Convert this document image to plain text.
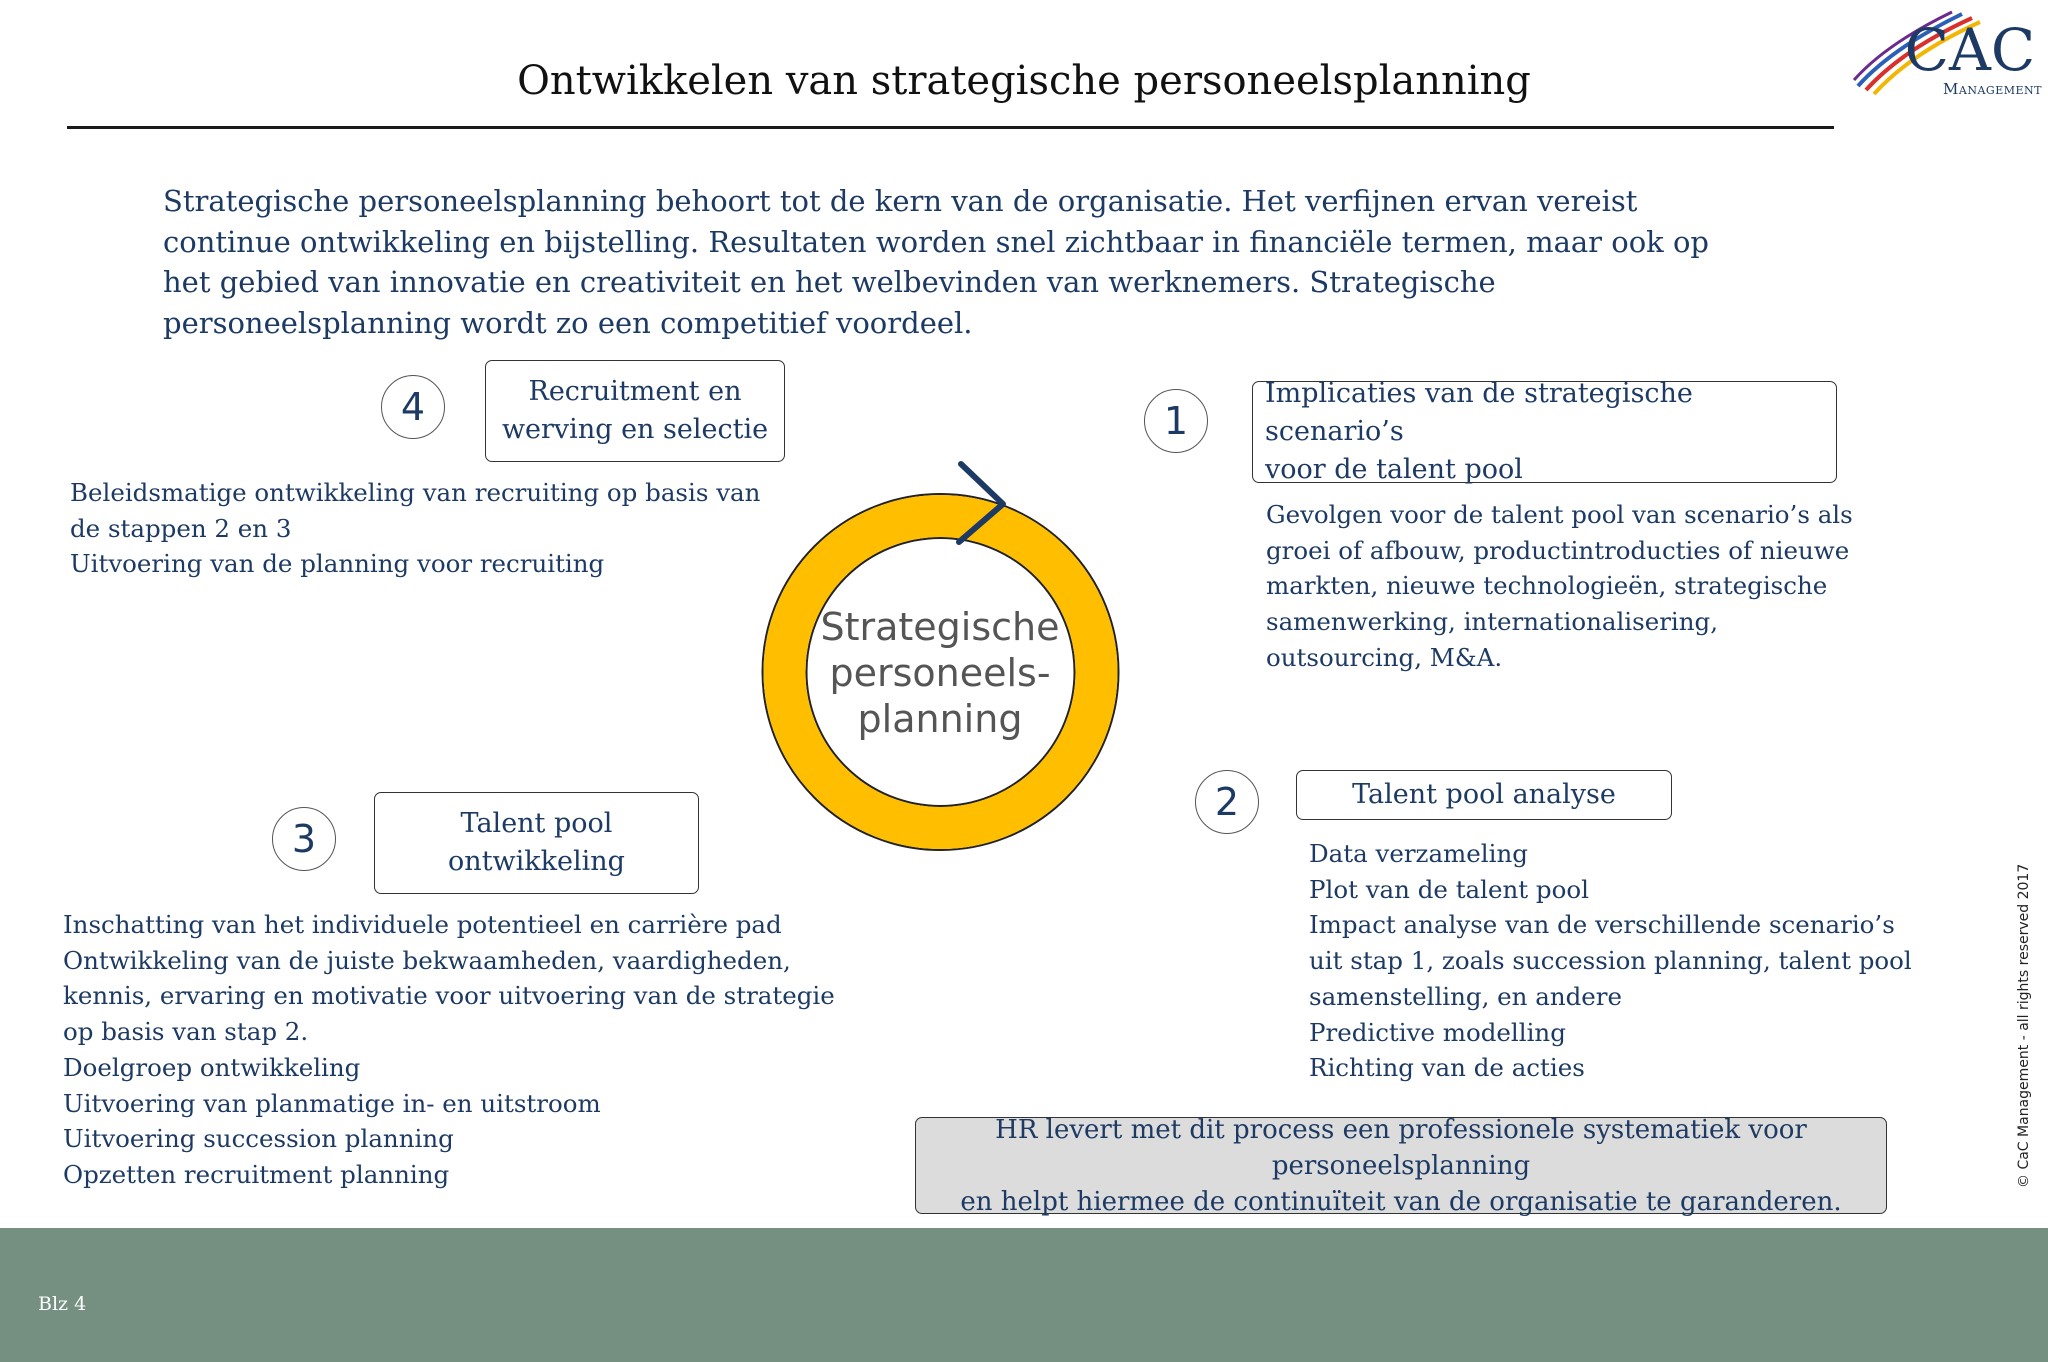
Ontwikkelen van strategische personeelsplanning	CAC
Management

Strategische personeelsplanning behoort tot de kern van de organisatie. Het verfijnen ervan vereist continue ontwikkeling en bijstelling. Resultaten worden snel zichtbaar in financiële termen, maar ook op het gebied van innovatie en creativiteit en het welbevinden van werknemers. Strategische personeelsplanning wordt zo een competitief voordeel.

4	Recruitment en
werving en selectie
Beleidsmatige ontwikkeling van recruiting op basis van
de stappen 2 en 3
Uitvoering van de planning voor recruiting
1
Implicaties van de strategische scenario’s
voor de talent pool
Gevolgen voor de talent pool van scenario’s als
groei of afbouw, productintroducties of nieuwe
markten, nieuwe technologieën, strategische
samenwerking, internationalisering,
outsourcing, M&A.
Strategische
personeels-
planning
3	Talent pool
ontwikkeling
Inschatting van het individuele potentieel en carrière pad
Ontwikkeling van de juiste bekwaamheden, vaardigheden,
kennis, ervaring en motivatie voor uitvoering van de strategie
op basis van stap 2.
Doelgroep ontwikkeling
Uitvoering van planmatige in- en uitstroom
Uitvoering succession planning
Opzetten recruitment planning
2	Talent pool analyse
Data verzameling
Plot van de talent pool
Impact analyse van de verschillende scenario’s
uit stap 1, zoals succession planning, talent pool
samenstelling, en andere
Predictive modelling
Richting van de acties
HR levert met dit process een professionele systematiek voor personeelsplanning
en helpt hiermee de continuïteit van de organisatie te garanderen.
© CaC Management - all rights reserved 2017
Blz 4
